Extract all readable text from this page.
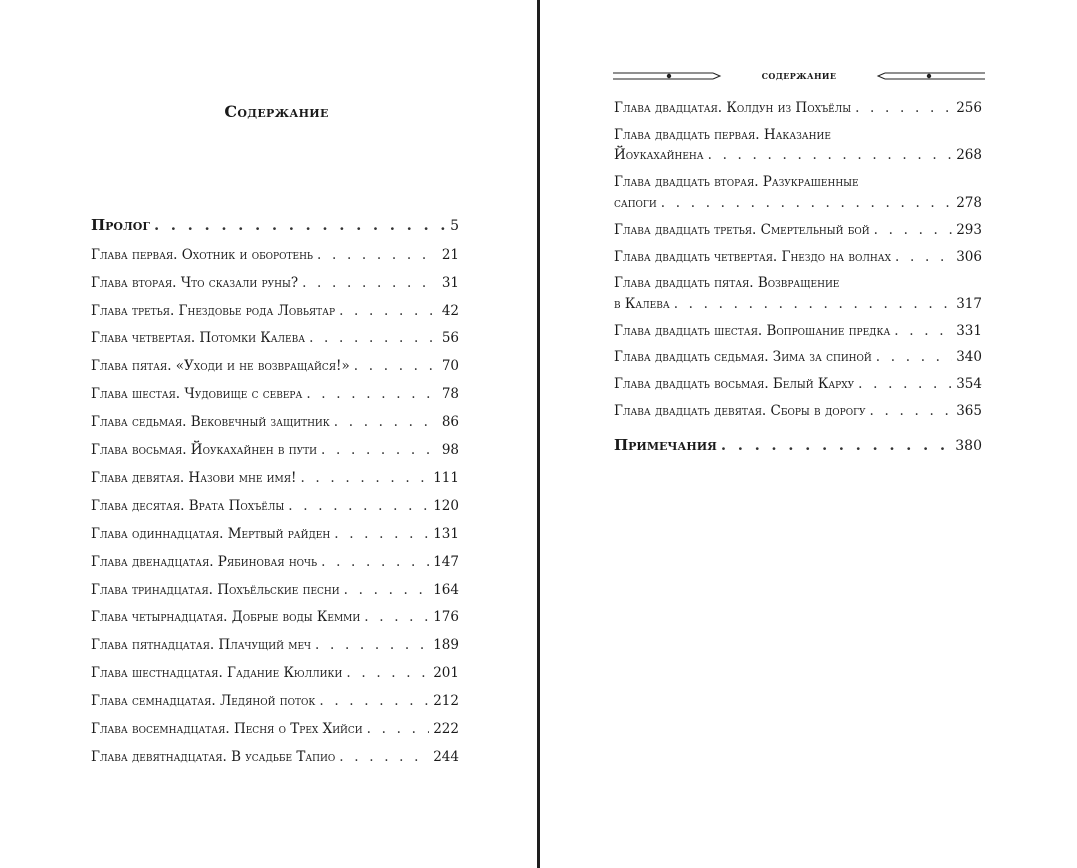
Содержание
Пролог . . .	5
Глава первая. Охотник и оборотень . . .	21
Глава вторая. Что сказали руны? . . .	31
Глава третья. Гнездовье рода Ловьятар . . .	42
Глава четвертая. Потомки Калева . . .	56
Глава пятая. «Уходи и не возвращайся!» . . .	70
Глава шестая. Чудовище с севера . . .	78
Глава седьмая. Вековечный защитник . . .	86
Глава восьмая. Йоукахайнен в пути . . .	98
Глава девятая. Назови мне имя! . . .	111
Глава десятая. Врата Похъёлы . . .	120
Глава одиннадцатая. Мертвый райден . . .	131
Глава двенадцатая. Рябиновая ночь . . .	147
Глава тринадцатая. Похъёльские песни . . .	164
Глава четырнадцатая. Добрые воды Кемми . . .	176
Глава пятнадцатая. Плачущий меч . . .	189
Глава шестнадцатая. Гадание Кюллики . . .	201
Глава семнадцатая. Ледяной поток . . .	212
Глава восемнадцатая. Песня о Трех Хийси . . .	222
Глава девятнадцатая. В усадьбе Тапио . . .	244
содержание
Глава двадцатая. Колдун из Похъёлы . . .	256
Глава двадцать первая. Наказание
Йоукахайнена . . .	268
Глава двадцать вторая. Разукрашенные
сапоги . . .	278
Глава двадцать третья. Смертельный бой . . .	293
Глава двадцать четвертая. Гнездо на волнах . . .	306
Глава двадцать пятая. Возвращение
в Калева . . .	317
Глава двадцать шестая. Вопрошание предка . . .	331
Глава двадцать седьмая. Зима за спиной . . .	340
Глава двадцать восьмая. Белый Карху . . .	354
Глава двадцать девятая. Сборы в дорогу . . .	365
Примечания . . .	380
